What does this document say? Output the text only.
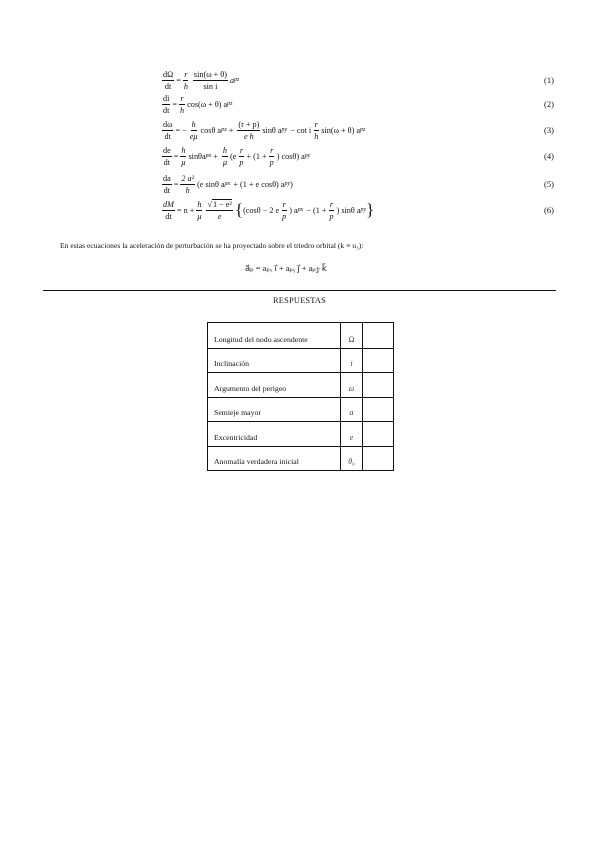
$\frac{d\Omega}{dt} = \frac{r}{h} \frac{\sin(\omega + \theta)}{\text{sin i}}$ a pz	(1)
$\frac{di}{dt} = \frac{r}{h} \cos(\omega + \theta)$ a pz	(2)
$\frac{d\omega}{dt}$ = − $\frac{h}{e\mu}$ cosθ a px + $\frac{(r + p)}{\text{e h}}$ sinθ a py − cot i $\frac{r}{h} \sin(\omega + \theta)$ a pz	(3)
$\frac{de}{dt} = \frac{h}{\mu}$ sinθa px + $\frac{h}{\mu} (e \frac{r}{p} + (1 + \frac{r}{p}$ ) cosθ) a py	(4)
$\frac{da}{dt} = \frac{\text{2 a²}}{h} (e$ sinθ a px + (1 + e cosθ) a py )	(5)
$\frac{dM}{dt} = n + \frac{h}{\mu} \frac{\text{√1 − e²}}{e}$ { (cosθ − 2 e $\frac{r}{p}$ ) a px − ($1 + \frac{r}{p}$ ) sinθ a py }	(6)
En estas ecuaciones la aceleración de perturbación se ha proyectado sobre el triedro orbital (k ≡ u₃):
a⃗ₚ = aₚₓ i⃗ + aₚᵧ j⃗ + aₚ𝓏 k⃗
RESPUESTAS
Longitud del nodo ascendente	Ω
Inclinación	i
Argumento del perigeo	ω
Semieje mayor	a
Excentricidad	e
Anomalía verdadera inicial	θ₀
